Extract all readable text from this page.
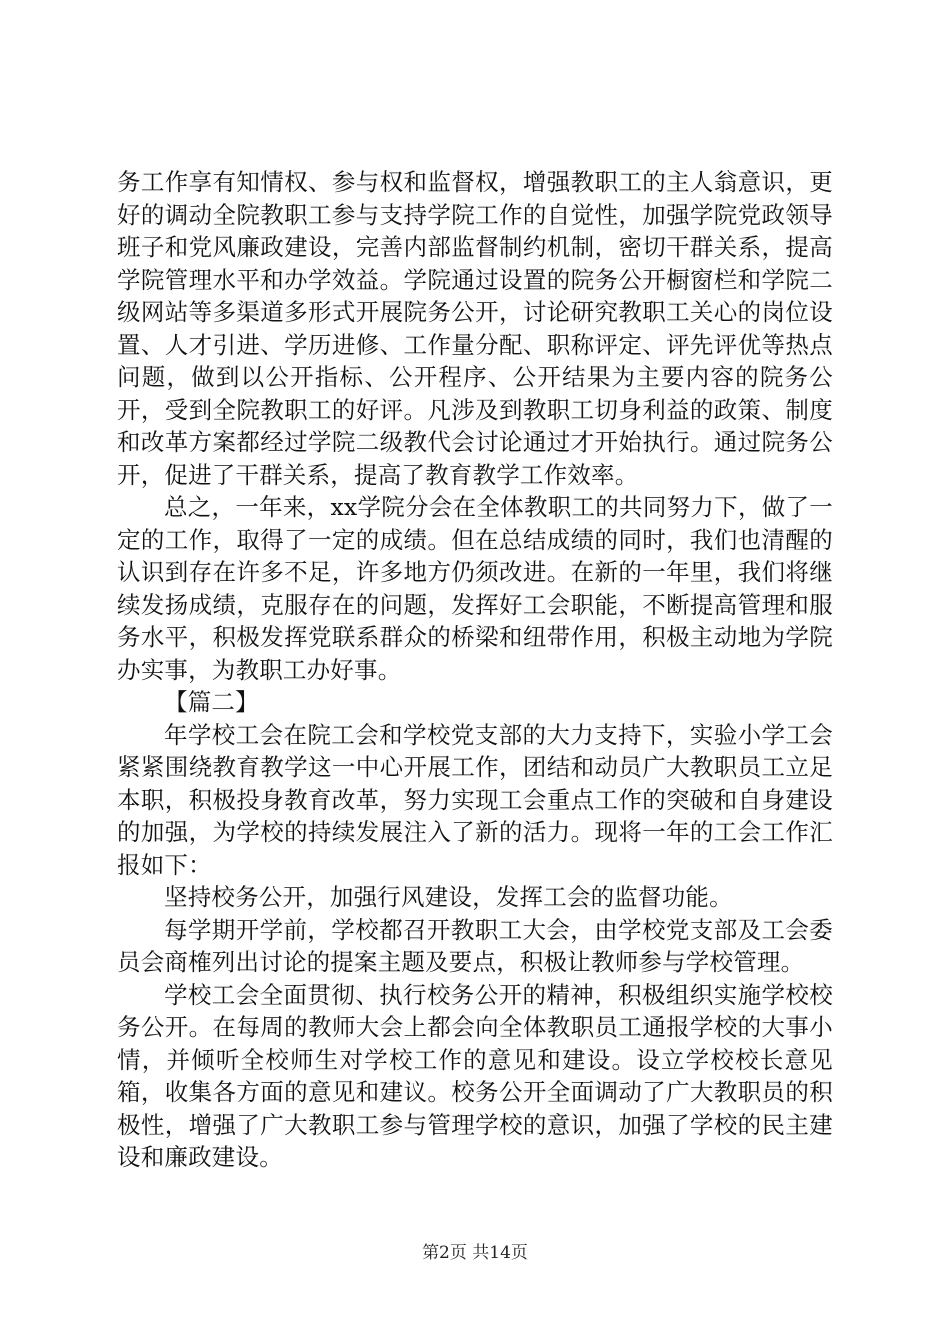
务工作享有知情权、参与权和监督权，增强教职工的主人翁意识，更好的调动全院教职工参与支持学院工作的自觉性，加强学院党政领导班子和党风廉政建设，完善内部监督制约机制，密切干群关系，提高学院管理水平和办学效益。学院通过设置的院务公开橱窗栏和学院二级网站等多渠道多形式开展院务公开，讨论研究教职工关心的岗位设置、人才引进、学历进修、工作量分配、职称评定、评先评优等热点问题，做到以公开指标、公开程序、公开结果为主要内容的院务公开，受到全院教职工的好评。凡涉及到教职工切身利益的政策、制度和改革方案都经过学院二级教代会讨论通过才开始执行。通过院务公开，促进了干群关系，提高了教育教学工作效率。

总之，一年来，xx学院分会在全体教职工的共同努力下，做了一定的工作，取得了一定的成绩。但在总结成绩的同时，我们也清醒的认识到存在许多不足，许多地方仍须改进。在新的一年里，我们将继续发扬成绩，克服存在的问题，发挥好工会职能，不断提高管理和服务水平，积极发挥党联系群众的桥梁和纽带作用，积极主动地为学院办实事，为教职工办好事。

【篇二】

年学校工会在院工会和学校党支部的大力支持下，实验小学工会紧紧围绕教育教学这一中心开展工作，团结和动员广大教职员工立足本职，积极投身教育改革，努力实现工会重点工作的突破和自身建设的加强，为学校的持续发展注入了新的活力。现将一年的工会工作汇报如下：

坚持校务公开，加强行风建设，发挥工会的监督功能。

每学期开学前，学校都召开教职工大会，由学校党支部及工会委员会商榷列出讨论的提案主题及要点，积极让教师参与学校管理。

学校工会全面贯彻、执行校务公开的精神，积极组织实施学校校务公开。在每周的教师大会上都会向全体教职员工通报学校的大事小情，并倾听全校师生对学校工作的意见和建设。设立学校校长意见箱，收集各方面的意见和建议。校务公开全面调动了广大教职员的积极性，增强了广大教职工参与管理学校的意识，加强了学校的民主建设和廉政建设。

第2页 共14页
